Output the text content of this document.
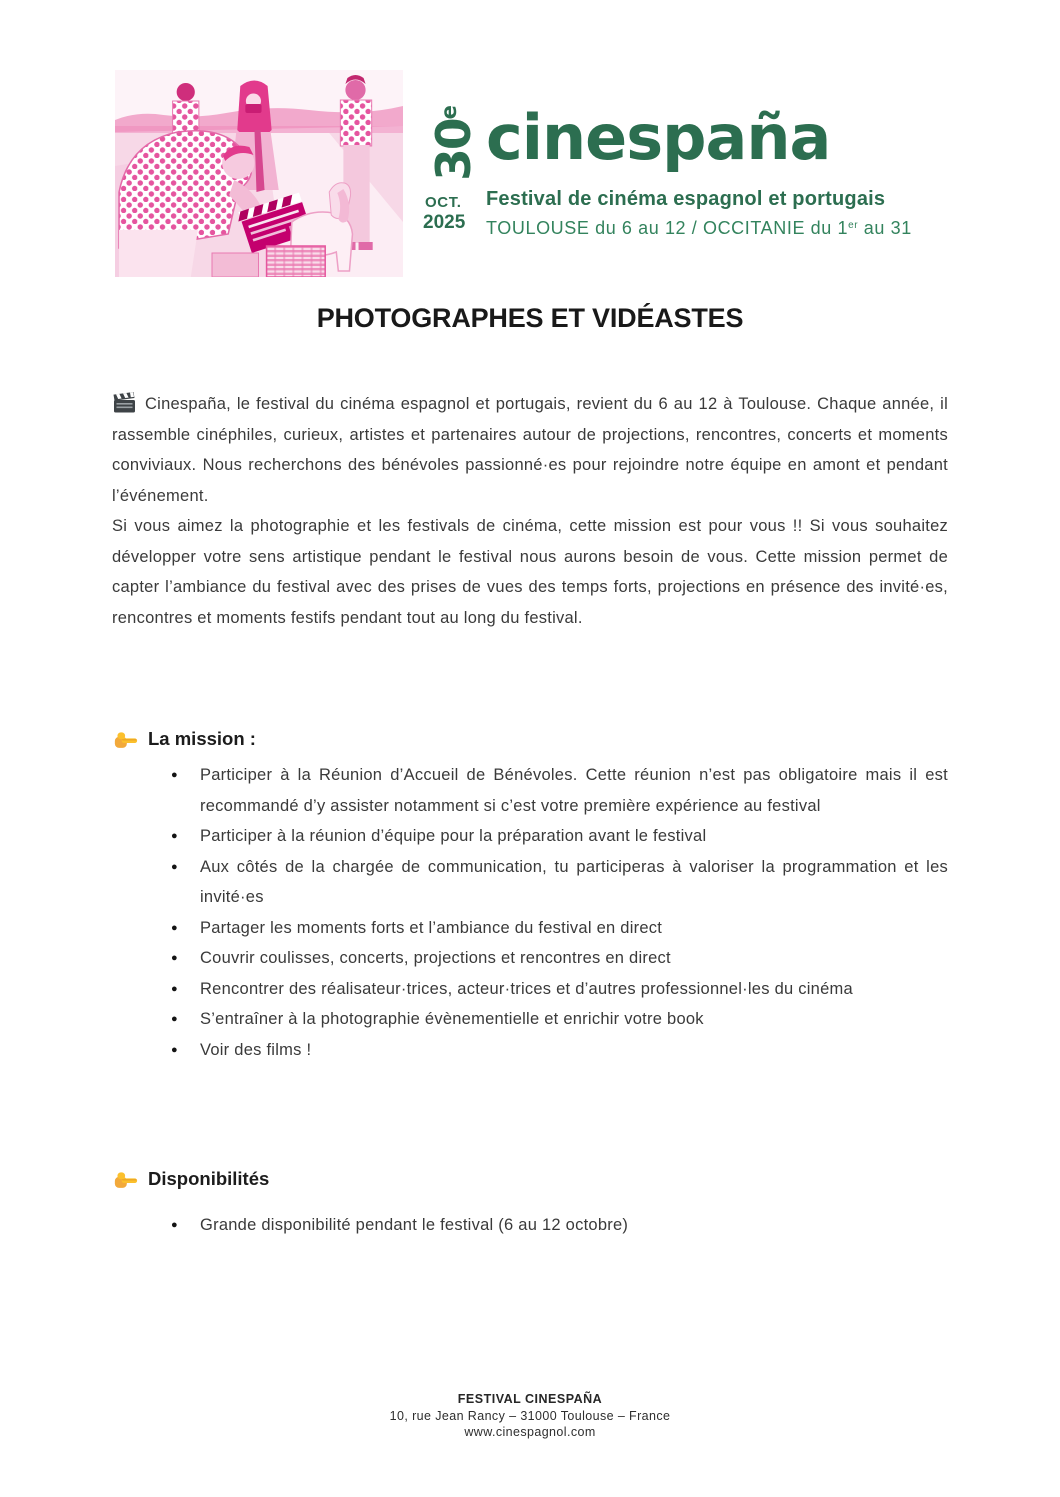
30e
OCT.
2025
cinespaña
Festival de cinéma espagnol et portugais
TOULOUSE du 6 au 12 / OCCITANIE du 1er au 31
PHOTOGRAPHES ET VIDÉASTES

Cinespaña, le festival du cinéma espagnol et portugais, revient du 6 au 12 à Toulouse. Chaque année, il rassemble cinéphiles, curieux, artistes et partenaires autour de projections, rencontres, concerts et moments conviviaux. Nous recherchons des bénévoles passionné·es pour rejoindre notre équipe en amont et pendant l’événement.

Si vous aimez la photographie et les festivals de cinéma, cette mission est pour vous !! Si vous souhaitez développer votre sens artistique pendant le festival nous aurons besoin de vous. Cette mission permet de capter l’ambiance du festival avec des prises de vues des temps forts, projections en présence des invité·es, rencontres et moments festifs pendant tout au long du festival.

La mission :
● Participer à la Réunion d’Accueil de Bénévoles. Cette réunion n’est pas obligatoire mais il est recommandé d’y assister notamment si c’est votre première expérience au festival
● Participer à la réunion d’équipe pour la préparation avant le festival
● Aux côtés de la chargée de communication, tu participeras à valoriser la programmation et les invité·es
● Partager les moments forts et l’ambiance du festival en direct
● Couvrir coulisses, concerts, projections et rencontres en direct
● Rencontrer des réalisateur·trices, acteur·trices et d’autres professionnel·les du cinéma
● S’entraîner à la photographie évènementielle et enrichir votre book
● Voir des films !
Disponibilités
● Grande disponibilité pendant le festival (6 au 12 octobre)
FESTIVAL CINESPAÑA
10, rue Jean Rancy – 31000 Toulouse – France
www.cinespagnol.com
